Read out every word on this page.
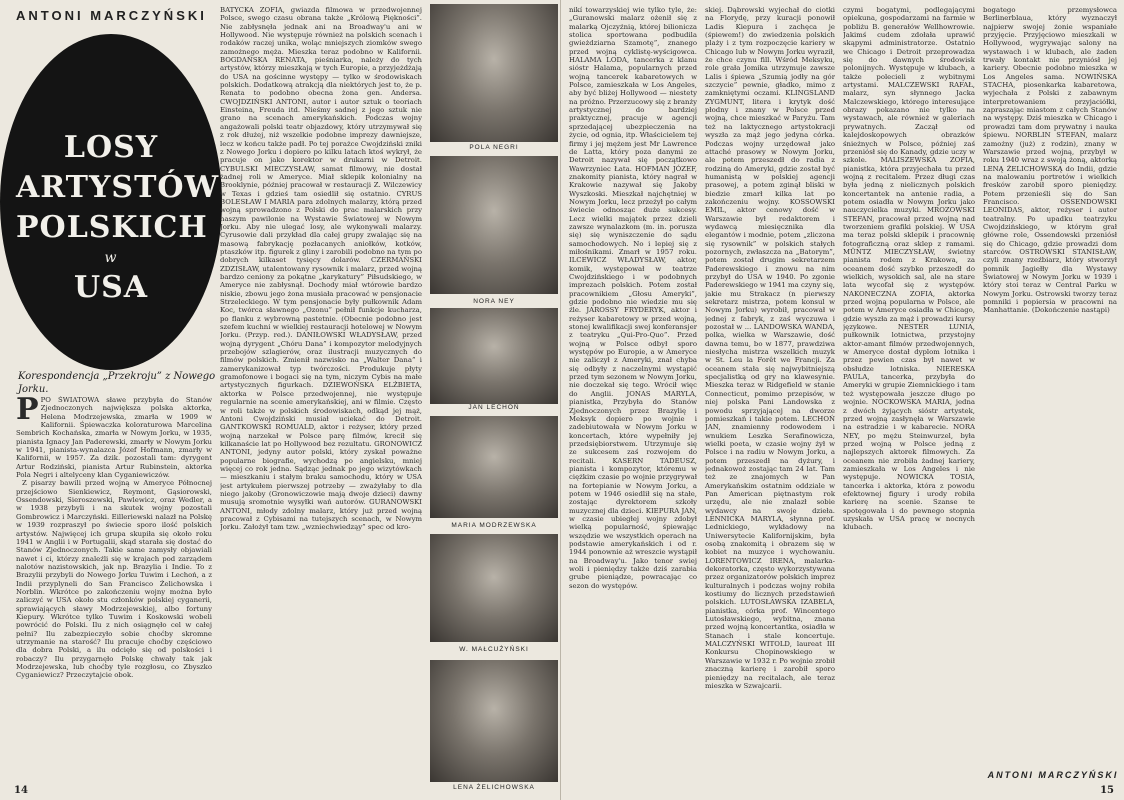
ANTONI MARCZYŃSKI
LOSY
ARTYSTÓW
POLSKICH
w
USA
Korespondencja „Przekroju” z Nowego Jorku.

PPO ŚWIATOWA sławe przybyła do Stanów Zjednoczonych największa polska aktorka, Helena Modrzejewska, zmarła w 1909 w Kalifornii. Śpiewaczka koloraturowa Marcelina Sembrich Kochańska, zmarła w Nowym Jorku, w 1935, pianista Ignacy Jan Paderewski, zmarły w Nowym Jorku w 1941, pianista-wynalazca Józef Hofmann, zmarły w Kalifornii, w 1957. Za dzik. pozostali tam: dyrygent Artur Rodziński, pianista Artur Rubinstein, aktorka Pola Negri i altelyceny klan Cyganiewiczów.

Z pisarzy bawili przed wojną w Ameryce Północnej przejściowo Sienkiewicz, Reymont, Gąsiorowski, Ossendowski, Sieroszewski, Pawlewicz, oraz Wedler, a w 1938 przybyli i na skutek wojny pozostali Gombrowicz i Marczyński. Eilleriewski nalazł na Polskę w 1939 rozpraszył po świecie sporo ilość polskich artystów. Najwięcej ich grupa skupiła się około roku 1941 w Anglii i w Portugalii, skąd starała się dostać do Stanów Zjednoczonych. Takie same zamysły objawiali nawet i ci, którzy znaleźli się w krajach pod zarządem nalotów nazistowskich, jak np. Brazylia i Indie. To z Brazylii przybyli do Nowego Jorku Tuwim i Lechoń, a z Indii przyplyneli do San Francisco Żelichowska i Norblin. Wkrótce po zakończeniu wojny można było zaliczyć w USA około stu członków polskiej cyganerii, sprawiających sławy Modrzejewskiej, albo fortuny Kiepury. Wkrótce tylko Tuwim i Koskowski wobeli powrócić do Polski. Ilu z nich osiągnęło cel w całej pełni? Ilu zabezpieczyło sobie choćby skromne utrzymanie na starość? Ilu pracuje choćby częściowo dla dobra Polski, a ilu odcięło się od polskości i robaczy? Ilu przygarnęło Polskę chwały tak jak Modrzejewska, lub choćby tyle rozgłosu, co Zbyszko Cyganiewicz? Przeczytajcie obok.

BATYCKA ZOFIA, gwiazda filmowa w przedwojennej Polsce, swego czasu obrana także „Królową Piękności”. Nie zabłysnęła jednak ani na Broadway'u ani w Hollywood. Nie występuje również na polskich scenach i rodaków raczej unika, woląc mniejszych ziomków swego zamożnego męża. Mieszka teraz podobno w Kalifornii. BOGDAŃSKA RENATA, pieśniarka, należy do tych artystów, którzy mieszkają w tych Europie, a przyjeżdżają do USA na gościnne występy — tylko w środowiskach polskich. Dodatkową atrakcją dla niektórych jest to, że p. Renata to podobno obecna żona gen. Andersa. CWOJDZIŃSKI ANTONI, autor i autor sztuk o teoriach Einsteina, Freuda itd. Nieśmy sadnej z jego sztuk nie grano na scenach amerykańskich. Podczas wojny angażowali polski teatr objazdowy, który utrzymywał się z rok dłużej, niż wszelkie podobne imprezy dawniejsze, lecz w końcu także padł. Po tej porażce Cwojdziński zniki z Nowego Jorku i dopiero po kilku latach ktoś wykrył, że pracuje on jako korektor w drukarni w Detroit. CYBULSKI MIECZYSŁAW, samat filmowy, nie dostał żadnej roli w Ameryce. Miał sklepik kolonialny na Brooklynie, później pracował w restauracji Z. Wilczewicy w Texas i gdzieś tam osiedlił się ostatnio. CYRUS BOLESŁAW I MARIA para zdolnych malarzy, którą przed wojną sprowadzono z Polski do prac malarskich przy naszym pawilonie na Wystawie Światowej w Nowym Jorku. Aby nie ulegać losy, ale wykonywali malarzy. Cyrusowie dali przykład dla całej grupy zwalając się na masową fabrykację pozłacanych aniołków, kotków, ptaszków itp. figurek z gliny i zarobili podobno na tym po dobrych kilkaset tysięcy dolarów. CZERMAŃSKI ZDZISŁAW, utalentowany rysownik i malarz, przed wojną bardzo cenionу za pokątne „karykatury” Piłsudskiego, w Ameryce nie zabłysnął. Dochody miał wtórowie bardzo niskie, zbowu jego żona musiała pracować w pensjonacie Strzeleckiego. W tym pensjonacie były pułkownik Adam Koc, twórca sławnego „Ozonu” pełnił funkcje kucharza, po flanku z wybrowną pastetnie. (Obecnie podobno jest szefem kuchni w wielkiej restauracji hotelowej w Nowym Jorku. (Przyp. red.). DANIŁOWSKI WŁADYSŁAW, przed wojną dyrygent „Chóru Dana” i kompozytor melodyjnych przebojów szlagierów, oraz ilustracji muzycznych do filmów polskich. Zmienił nazwisko na „Walter Dana” i zamerykanizował typ twórczości. Produkuje płyty gramofonowe i bogaci się na tym, niczym Cybis na małe artystycznych figurkach. DZIEWOŃSKA ELŻBIETA, aktorka w Polsce przedwojennej, nie występuje regularnie na scenie amerykańskiej, ani w filmie. Często w roli także w polskich środowiskach, odkąd jej mąż, Antoni Cwojdziński musiał uciekać do Detroit. GANTKOWSKI ROMUALD, aktor i reżyser, który przed wojną narzekał w Polsce parę filmów, krecił się kilkanaście lat po Hollywood bez rezultatu. GRONOWICZ ANTONI, jedyny autor polski, który zyskał poważne popularne biografie, wychodzą po angielsku, mniej więcej co rok jedna. Sądząc jednak po jego wizytówkach — mieszkaniu i stałym braku samochodu, który w USA jest artykułem pierwszej potrzeby — zważyłaby to dla niego jakoby (Gronowiczowie mają dwoje dzieci) dawny musują sromotnie wysyłki wań autorów. GURANOWSKI ANTONI, młody zdolny malarz, który już przed wojną pracował z Cybisami na tutejszych scenach, w Nowym Jorku. Założył tam tzw. „wzniechwiedząy” spec od kro-

POLA NEGRI
NORA NEY
JAN LECHOŃ
MARIA MODRZEWSKA
W. MAŁCUŻYŃSKI
LENA ŻELICHOWSKA
14

nikí towarzyskiej wie tylko tyle, że: „Guranowski malarz ożenił się z malarką Ojczyźnią, której bilionicza stolica sportowana podbudila gwieżdziarna Szamotę”, znanego przed wojną cyklistę-wyścigowca. HALAMA LODA, tancerka z klanu sióstr Halama, popularnych przed wojną tancerek kabaretowych w Polsce, zamieszkała w Los Angeles, aby być bliżej Hollywood — niestety na próżno. Przerzucowy się z branży artystycznej do bardziej praktycznej, pracuje w agencji sprzedającej ubezpieczenia na życie, od ognia, itp. Właścicielem tej firmy i jej mężem jest Mr Lawrence de Latta, który poza danymi ze Detroit nazywał się początkowo Wawrzyniec Łata. HOFMAN JÓZEF, znakomity pianista, który nagrał w Krakowie nazywał się Jakoby Wyszkoski. Mieszkał najchętniej w Nowym Jorku, lecz przeżył po całym świecie odnosząc duże sukcesy. Lecz wielki majątek przez dzieli zawsze wynalazkom (m. in. porusza się) się wyniszczenie do sądu samochodowych. No i lepiej się z miłośnikami. Zmarł w 1957 roku. ILCEWICZ WŁADYSŁAW, aktor, komik, występował w teatrze Cwojdzińskiego i w podobnych imprezach polskich. Potem został pracownikiem „Głosu Ameryki”, gdzie podobno nie wiedzie mu się źle. JAROSSY FRYDERYK, aktor i reżyser kabaretowy w przed wojną, stonej kwalifikacji swej konferansjer z teatryku „Qui-Pro-Quo”. Przed wojną w Polsce odbył sporo występów po Europie, a w Ameryce nie zaliczył z Ameryki, znał chyba się odbyły z naczelnymi wystąpić przed tym sezonem w Nowym Jorku, nie doczekał się tego. Wrócił więc do Anglii. JONAS MARYLA, pianistka, Przybyła do Stanów Zjednoczonych przez Brazylię i Meksyk dopiero po wojnie i zadebiutowała w Nowym Jorku w koncertach, które wypełniły jej przedsiębiorstwem. Utrzymuje się ze sukcesem zaś rozwojem do recitali. KASERN TADEUSZ, pianista i kompozytor, któremu w ciężkim czasie po wojnie przygrywał na fortepianie w Nowym Jorku, a potem w 1946 osiedlił się na stałe, zostając dyrektorem szkoły muzycznej dla dzieci. KIEPURA JAN, w czasie ubiegłej wojny zdobył wielką popularność, śpiewając wszędzie we wszystkich operach na podstawie amerykańskich i od r. 1944 ponownie aż wreszcie wystąpił na Broadway'u. Jako tenor swiej woli i pieniędzy także dziś zarabia grube pieniądze, powracając co sezon do występów.

skiej. Dąbrowski wyjechał do ciotki na Florydę, przy kuracji ponowił Ladis Kiepura i zachęca je (śpiewem!) do zwiedzenia polskich plaży i z tym rozpoczęcie kariery w Chicago lub w Nowym Jorku wyraził, że chce czynu fill. Wśród Meksyku, role grała Jomika utrzymuje zawsze Lalis i śpiewa „Szumią jodły na gór szczycie” pewnie, gładko, mimo z zamkniętymi oczami. KLINGSLAND ZYGMUNT, litera i krytyk dość płodny i znany w Polsce przed wojną, chce mieszkać w Paryżu. Tam też na laktycznego artystokracji wyszła za mąż jego jedyna córka. Podczas wojny urzędował jako attaché prasowy w Nowym Jorku, ale potem przeszedł do radia z rodziną do Ameryki, gdzie został być humanistą w polskiej agencji prasowej, a potem zginął bliski w biedzie zmarł kilka lat po zakończeniu wojny. KOSSOWSKI EMIL, aktor cenowy dość w Warszawie był redaktorem i wydawcą miesięcznika dla elegantów i modnie, potem „zliczona się rysownik” w polskich stałych pozornych, zwłaszcza na „Batorym”, potem został drugim sekretarzem Paderewskiego i znowu na nim przybył do USA w 1940. Po zgonie Paderewskiego w 1941 ma czyny się, jakie mu Strakacz (n pierwszy sekretarz mistrza, potem konsul w Nowym Jorku) wyrobił, pracował w jednej z fabryk, z zaś wyczuwa i pozostał w ... LANDOWSKA WANDA, polka, wielka w Warszawie, dość dawna temu, bo w 1877, prawdziwa niesłycha mistrza wszelkich muzyk w St. Leu la Forêt we Francji. Za oceanem stała się najwybitniejszą specjalistką od gry na klawesynie. Mieszka teraz w Ridgefield w stanie Connecticut, pomimo przepisów, w niej polska Pani Landowska z powodu sprzyjającej na dworze pomieszkań i takie potem. LECHOŃ JAN, znamienny rodowodem i wnukiem Leszka Serafinowicza, wielki poeta, w czasie wojny żył w Polsce i na radiu w Nowym Jorku, a potem przeszedł na dyżury, i jednakowoż zostając tam 24 lat. Tam też ze znajomych w Pan Amerykańskim ostatnim oddziale w Pan American piętnastym rok urzędu, ale nie znalazł sobie wydawcy na swoje dzieła. LENNICKA MARYLA, słynna prof. Lednickiego, wykładowy na Uniwersytecie Kalifornijskim, była osobą znakomitą i obrazem się w kobiet na muzyce i wychowaniu. LORENTOWICZ IRENA, malarka-dekoratorka, często wykorzystywana przez organizatorów polskich imprez kulturalnych i podczas wojny robiła kostiumy do licznych przedstawień polskich. LUTOSŁAWSKA IZABELA, pianistka, córka prof. Wincentego Lutosławskiego, wybitna, znana przed wojną koncertantka, osiadła w Stanach i stale koncertuje. MALCZYŃSKI WITOLD, laureat III Konkursu Chopinowskiego w Warszawie w 1932 r. Po wojnie zrobił znaczną karierę i zarobił sporo pieniędzy na recitalach, ale teraz mieszka w Szwajcarii.

czymi bogatymi, podlegającymi opiekuna, gospodarzami na farmie w pobliżu B. generałów Wellhowrowie. Jakimś cudem zdołała uprawić skąpymi administratorze. Ostatnio we Chicago i Detroit przeprowadza się do dawnych środowisk polonijnych. Występuje w klubach, a także polecieli z wybitnymi artystami. MALCZEWSKI RAFAŁ, malarz, syn słynnego Jacka Malczewskiego, którego interesujące obrazy pokazano nie tylko na wystawach, ale również w galeriach prywatnych. Zaczął od kalejdoskopowych obrazków śnieżnych w Polsce, później zaś przeniósł się do Kanady, gdzie uczy w szkole. MALISZEWSKA ZOFIA, pianistka, która przyjechała tu przed wojną z recitalem. Przez długi czas była jedną z nielicznych polskich koncertantek na antenie radia, a potem osiadła w Nowym Jorku jako nauczycielka muzyki. MROZOWSKI STEFAN, pracował przed wojną nad tworzeniem grafiki polskiej. W USA ma teraz polski sklepik i pracownię fotograficzną oraz sklep z ramami. MÜNTZ MIECZYSŁAW, świetny pianista rodem z Krakowa, za oceanem dość szybko przeszedł do wielkich, wysokich sal, ale na stare lata wycofał się z występów. NAKONECZNA ZOFIA, aktorka przed wojną popularna w Polsce, ale potem w Ameryce osiadła w Chicago, gdzie wyszła za mąż i prowadzi kursy językowe. NESTER LUNIA, pułkownik lotnictwa, przystojny aktor-amant filmów przedwojennych, w Ameryce dostał dyplom lotnika i przez pewien czas był nawet w obsłudze lotniska. NIERESKA PAULA, tancerka, przybyła do Ameryki w grupie Ziemnickiego i tam też występowała jeszcze długo po wojnie. NOCKOWSKA MARIA, jedna z dwóch żyjących sióstr artystek, przed wojną zasłynęła w Warszawie na estradzie i w kabarecie. NORA NEY, po mężu Steinwurzel, była przed wojną w Polsce jedną z najlepszych aktorek filmowych. Za oceanem nie zrobiła żadnej kariery, zamieszkała w Los Angeles i nie występuje. NOWICKA TOSIA, tancerka i aktorka, która z powodu efektownej figury i urody robiła karierę na scenie. Szanse te spotęgowała i do pewnego stopnia uzyskała w USA pracę w nocnych klubach.

bogatego przemysłowca Berlinerblaua, który wyznaczył najpierw swojej żonie wspaniałe przyjęcie. Przyjęciowo mieszkali w Hollywood, wygrywając salony na wystawach i w klubach, ale żaden trwały kontakt nie przyniósł jej kariery. Obecnie podobno mieszka w Los Angeles sama. NOWIŃSKA STACHA, piosenkarka kabaretowa, wyjechała z Polski z zabawnym interpretowaniem przyjaciółki, zapraszając miastom z całych Stanów na występy. Dziś mieszka w Chicago i prowadzi tam dom prywatny i nauka śpiewu. NORBLIN STEFAN, malarz zamożny (już) z rodzin), znany w Warszawie przed wojną, przybył w roku 1940 wraz z swoją żoną, aktorką LENĄ ŻELICHOWSKĄ do Indii, gdzie na malowaniu portretów i wielkich fresków zarobił sporo pieniędzy. Potem przenieśli się do San Francisco. OSSENDOWSKI LEONIDAS, aktor, reżyser i autor teatralny. Po upadku teatrzyku Cwojdzińskiego, w którym grał główne role, Ossendowski przeniósł się do Chicago, gdzie prowadzi dom starców. OSTROWSKI STANISŁAW, czyli znany rzeźbiarz, który stworzył pomnik Jagiełły dla Wystawy Światowej w Nowym Jorku w 1939 i który stoi teraz w Central Parku w Nowym Jorku. Ostrowski tworzy teraz pomniki i popiersia w pracowni na Manhattanie. (Dokończenie nastąpi)

ANTONI MARCZYŃSKI
15
